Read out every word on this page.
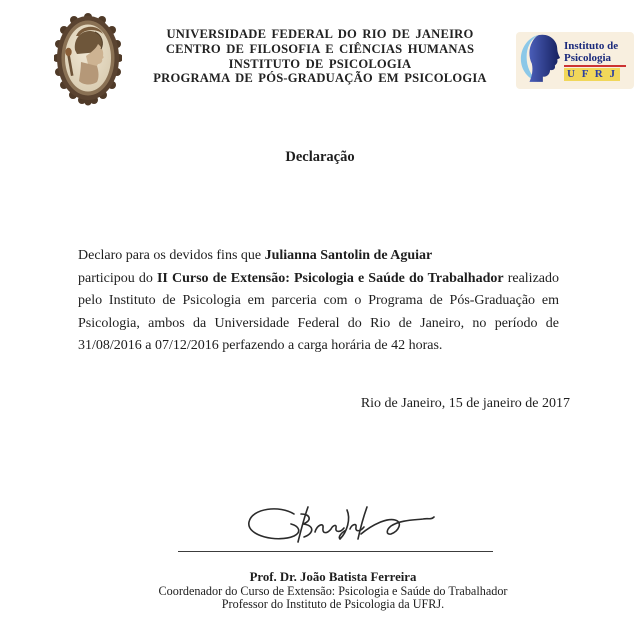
UNIVERSIDADE FEDERAL DO RIO DE JANEIRO
CENTRO DE FILOSOFIA E CIÊNCIAS HUMANAS
INSTITUTO DE PSICOLOGIA
PROGRAMA DE PÓS-GRADUAÇÃO EM PSICOLOGIA
Instituto de
Psicologia
U F R J
Declaração
Declaro para os devidos fins que Julianna Santolin de Aguiar

participou do II Curso de Extensão: Psicologia e Saúde do Trabalhador realizado pelo Instituto de Psicologia em parceria com o Programa de Pós-Graduação em Psicologia, ambos da Universidade Federal do Rio de Janeiro, no período de 31/08/2016 a 07/12/2016 perfazendo a carga horária de 42 horas.

Rio de Janeiro, 15 de janeiro de 2017
Prof. Dr. João Batista Ferreira
Coordenador do Curso de Extensão: Psicologia e Saúde do Trabalhador
Professor do Instituto de Psicologia da UFRJ.
